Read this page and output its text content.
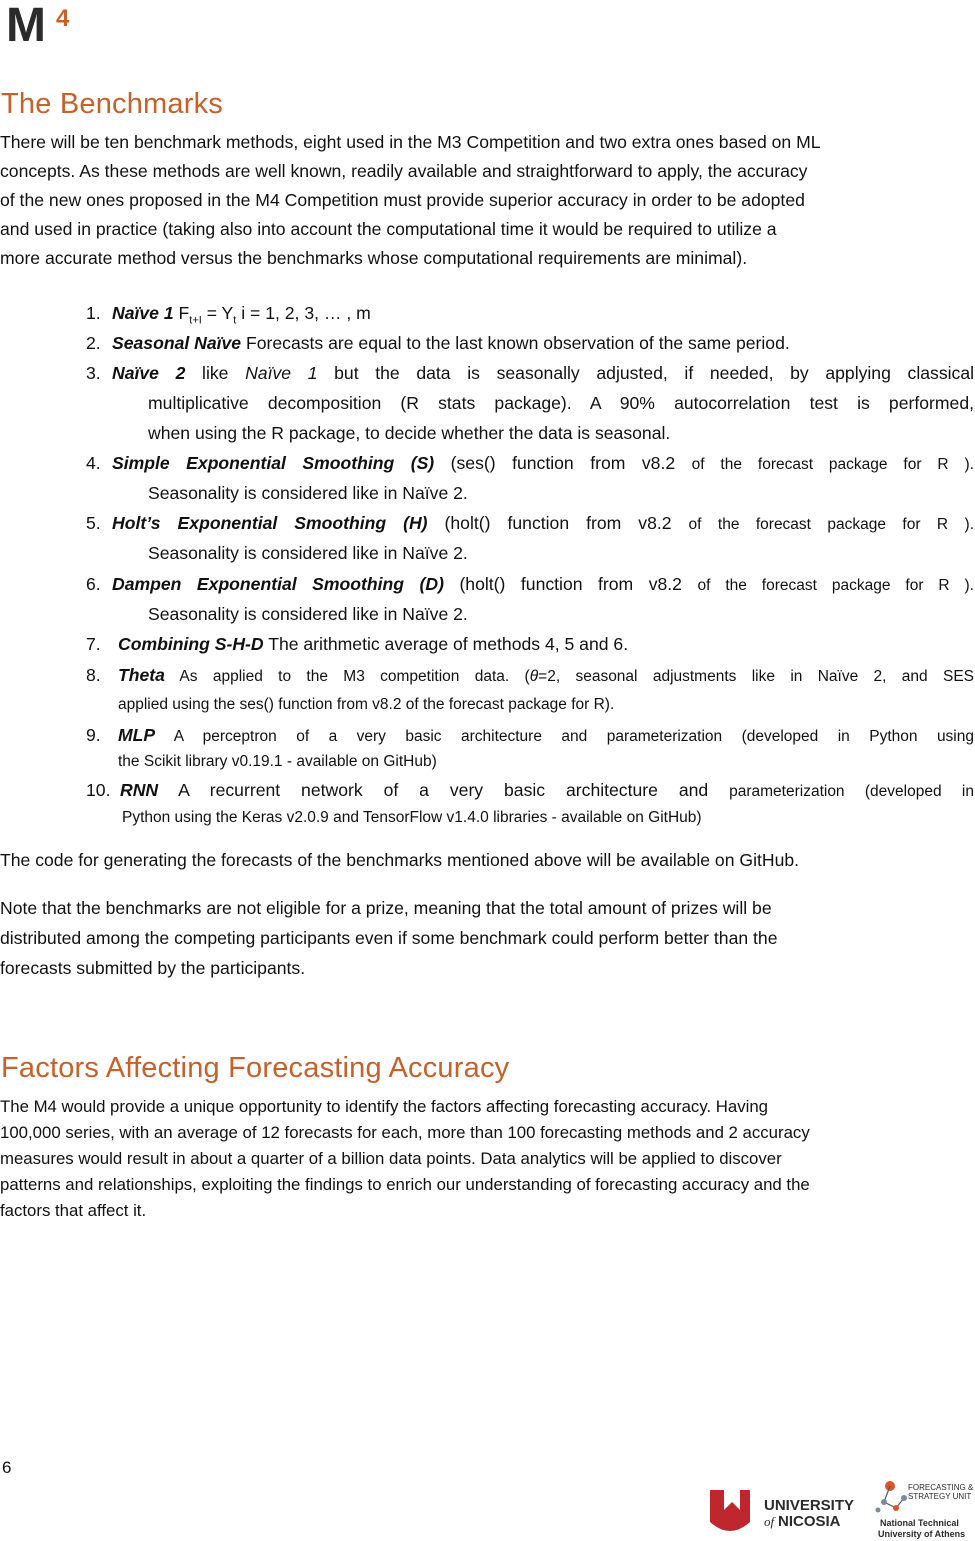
M 4
The Benchmarks

There will be ten benchmark methods, eight used in the M3 Competition and two extra ones based on ML

concepts. As these methods are well known, readily available and straightforward to apply, the accuracy

of the new ones proposed in the M4 Competition must provide superior accuracy in order to be adopted

and used in practice (taking also into account the computational time it would be required to utilize a

more accurate method versus the benchmarks whose computational requirements are minimal).

1. Naïve 1 $F_{t+I} = Y_t$ i = 1, 2, 3, … , m
2. Seasonal Naïve Forecasts are equal to the last known observation of the same period.
3. Naïve 2 like Naïve 1 but the data is seasonally adjusted, if needed, by applying classical
multiplicative decomposition (R stats package). A 90% autocorrelation test is performed,
when using the R package, to decide whether the data is seasonal.
4. Simple Exponential Smoothing (S) (ses() function from v8.2 of the forecast package for R ).
Seasonality is considered like in Naïve 2.
5. Holt’s Exponential Smoothing (H) (holt() function from v8.2 of the forecast package for R ).
Seasonality is considered like in Naïve 2.
6. Dampen Exponential Smoothing (D) (holt() function from v8.2 of the forecast package for R ).
Seasonality is considered like in Naïve 2.
7. Combining S-H-D The arithmetic average of methods 4, 5 and 6.
8. Theta As applied to the M3 competition data. (θ=2, seasonal adjustments like in Naïve 2, and SES
applied using the ses() function from v8.2 of the forecast package for R).
9. MLP A perceptron of a very basic architecture and parameterization (developed in Python using
the Scikit library v0.19.1 - available on GitHub)
10. RNN A recurrent network of a very basic architecture and parameterization (developed in
Python using the Keras v2.0.9 and TensorFlow v1.4.0 libraries - available on GitHub)

The code for generating the forecasts of the benchmarks mentioned above will be available on GitHub.

Note that the benchmarks are not eligible for a prize, meaning that the total amount of prizes will be

distributed among the competing participants even if some benchmark could perform better than the

forecasts submitted by the participants.

Factors Affecting Forecasting Accuracy

The M4 would provide a unique opportunity to identify the factors affecting forecasting accuracy. Having

100,000 series, with an average of 12 forecasts for each, more than 100 forecasting methods and 2 accuracy

measures would result in about a quarter of a billion data points. Data analytics will be applied to discover

patterns and relationships, exploiting the findings to enrich our understanding of forecasting accuracy and the

factors that affect it.

6
UNIVERSITY
of NICOSIA
FORECASTING &
STRATEGY UNIT
National Technical
University of Athens
